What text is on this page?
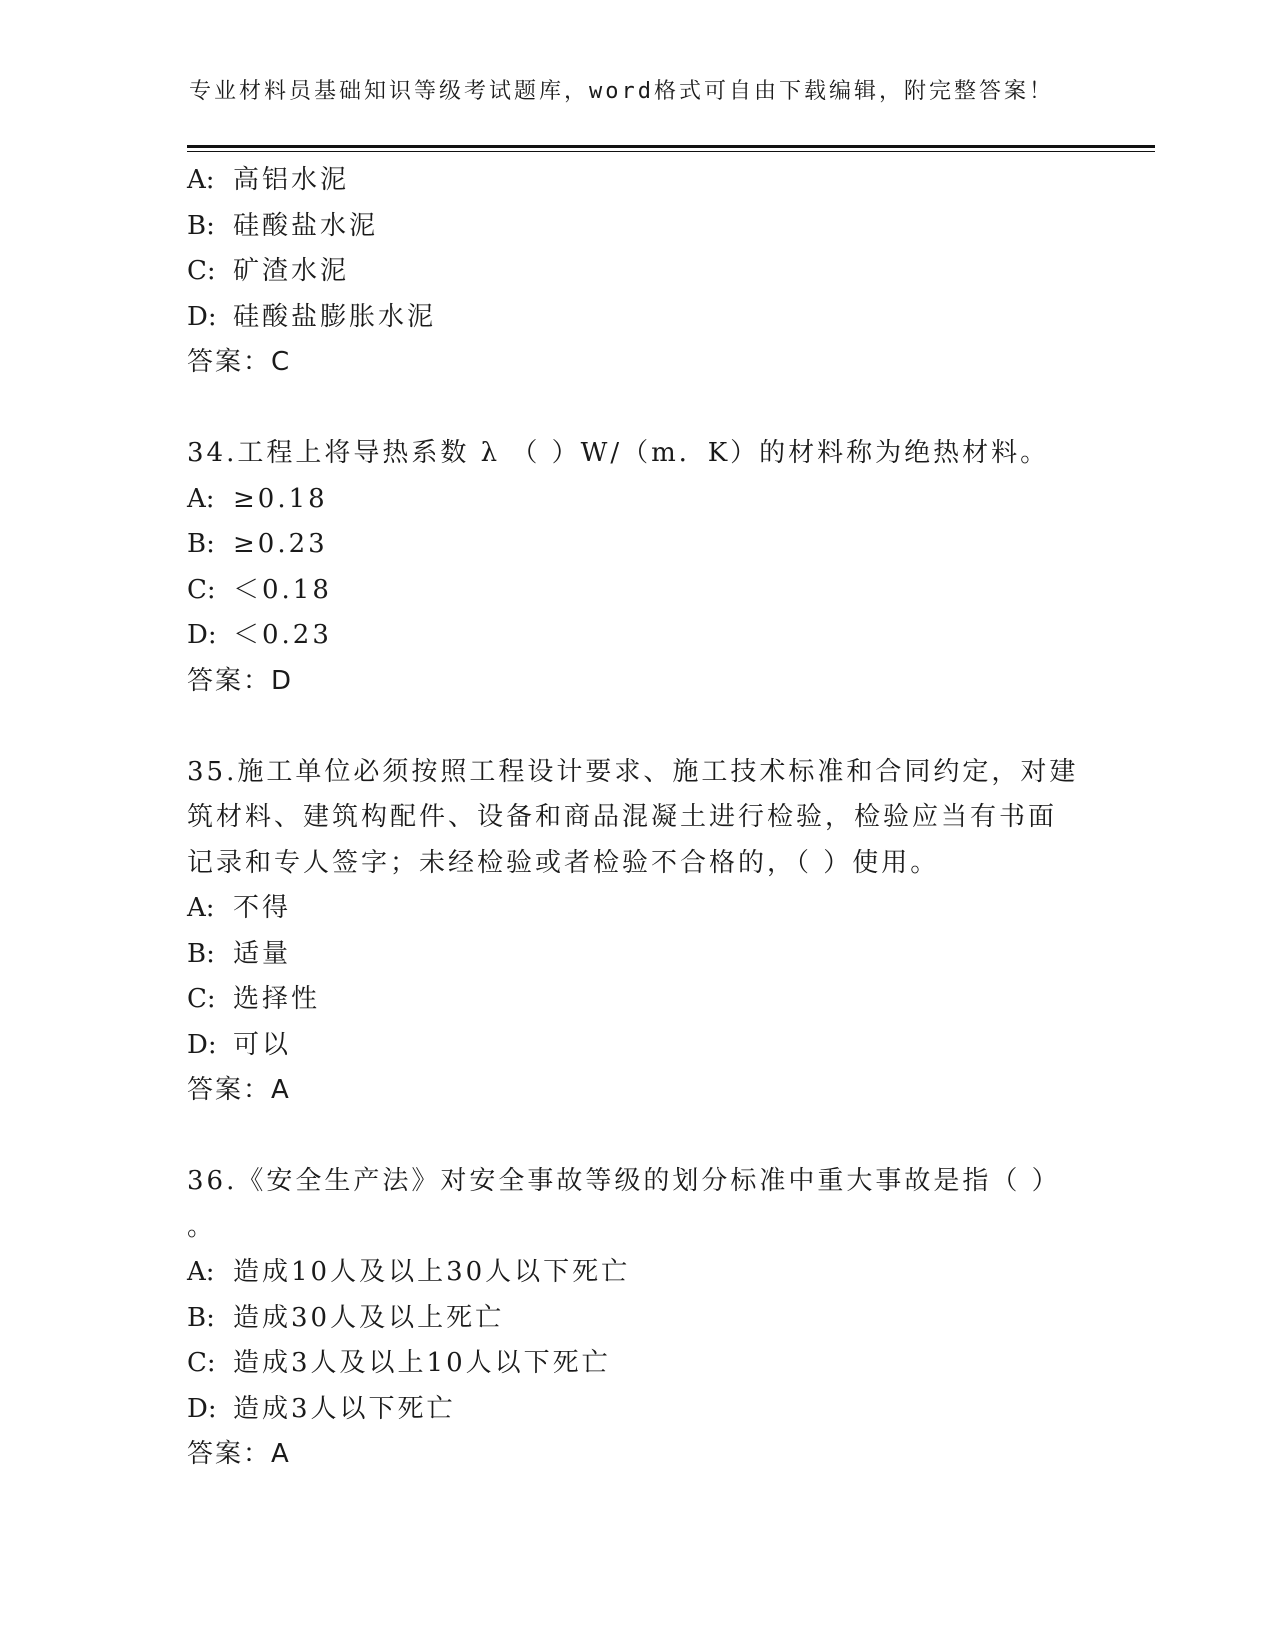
专业材料员基础知识等级考试题库，word格式可自由下载编辑，附完整答案！
A: 高铝水泥
B: 硅酸盐水泥
C: 矿渣水泥
D: 硅酸盐膨胀水泥
答案：C
34.工程上将导热系数 λ （ ）W/（m．K）的材料称为绝热材料。
A: ≥0.18
B: ≥0.23
C: ＜0.18
D: ＜0.23
答案：D
35.施工单位必须按照工程设计要求、施工技术标准和合同约定，对建
筑材料、建筑构配件、设备和商品混凝土进行检验，检验应当有书面
记录和专人签字；未经检验或者检验不合格的，（ ）使用。
A: 不得
B: 适量
C: 选择性
D: 可以
答案：A
36.《安全生产法》对安全事故等级的划分标准中重大事故是指（ ）
。
A: 造成10人及以上30人以下死亡
B: 造成30人及以上死亡
C: 造成3人及以上10人以下死亡
D: 造成3人以下死亡
答案：A
